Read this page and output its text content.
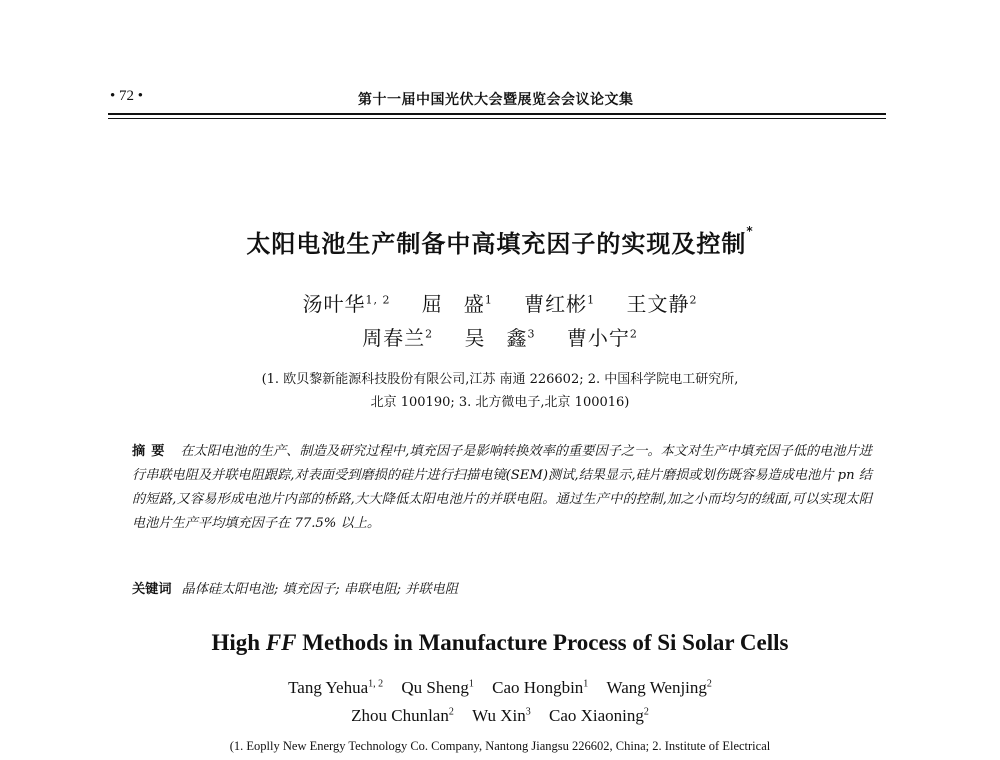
• 72 •	第十一届中国光伏大会暨展览会会议论文集
太阳电池生产制备中高填充因子的实现及控制*
汤叶华$^{1, 2}$ 屈　盛$^1$ 曹红彬$^1$ 王文静$^2$
周春兰$^2$ 吴　鑫$^3$ 曹小宁$^2$
(1. 欧贝黎新能源科技股份有限公司,江苏 南通 226602; 2. 中国科学院电工研究所,
北京 100190; 3. 北方微电子,北京 100016)
摘要 在太阳电池的生产、制造及研究过程中,填充因子是影响转换效率的重要因子之一。本文对生产中填充因子低的电池片进行串联电阻及并联电阻跟踪,对表面受到磨损的硅片进行扫描电镜(SEM)测试,结果显示,硅片磨损或划伤既容易造成电池片 pn 结的短路,又容易形成电池片内部的桥路,大大降低太阳电池片的并联电阻。通过生产中的控制,加之小而均匀的绒面,可以实现太阳电池片生产平均填充因子在 77.5% 以上。
关键词 晶体硅太阳电池; 填充因子; 串联电阻; 并联电阻
High FF Methods in Manufacture Process of Si Solar Cells
Tang Yehua$^{1, 2}$ Qu Sheng$^1$ Cao Hongbin$^1$ Wang Wenjing$^2$
Zhou Chunlan$^2$ Wu Xin$^3$ Cao Xiaoning$^2$
(1. Eoplly New Energy Technology Co. Company, Nantong Jiangsu 226602, China; 2. Institute of Electrical
